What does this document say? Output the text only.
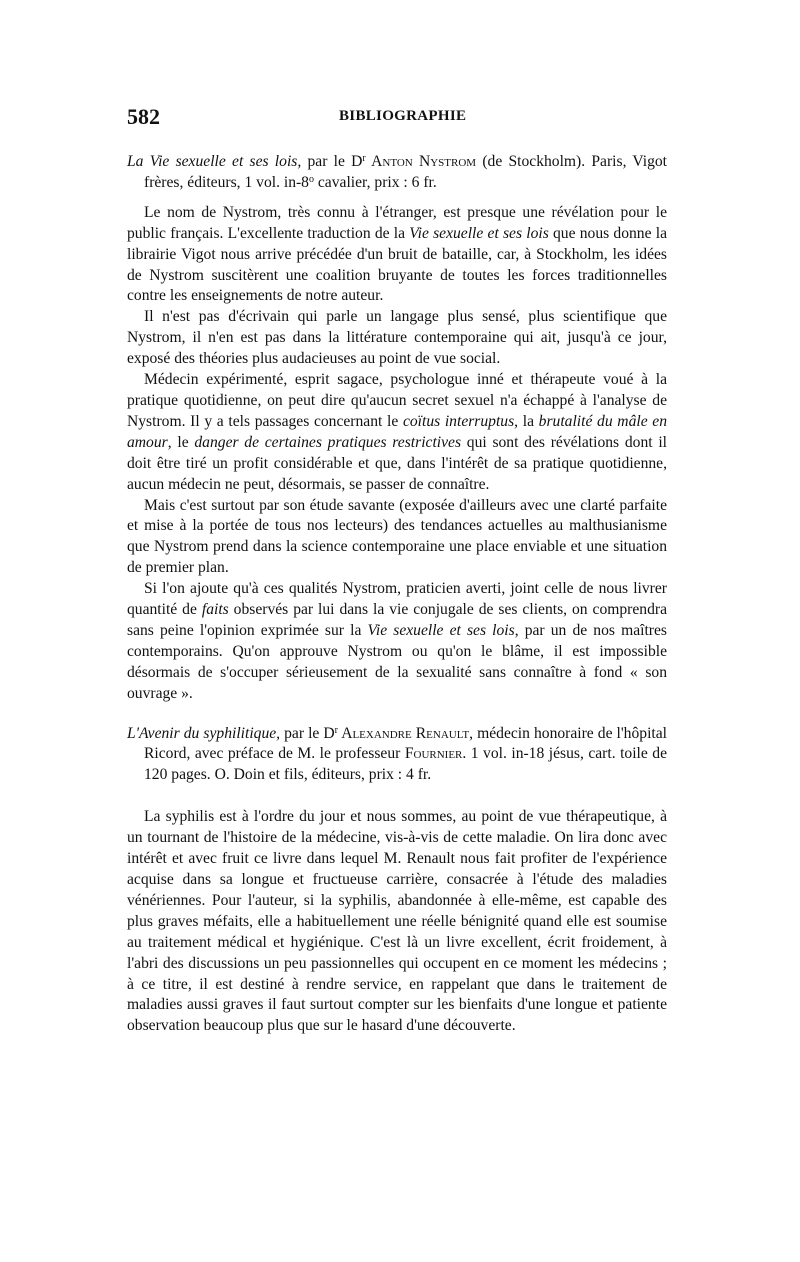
582	BIBLIOGRAPHIE

La Vie sexuelle et ses lois, par le $D^r$ Anton Nystrom (de Stockholm). Paris, Vigot frères, éditeurs, 1 vol. in-8$^o$ cavalier, prix : 6 fr.

Le nom de Nystrom, très connu à l'étranger, est presque une révélation pour le public français. L'excellente traduction de la Vie sexuelle et ses lois que nous donne la librairie Vigot nous arrive précédée d'un bruit de bataille, car, à Stockholm, les idées de Nystrom suscitèrent une coalition bruyante de toutes les forces traditionnelles contre les enseignements de notre auteur.

Il n'est pas d'écrivain qui parle un langage plus sensé, plus scientifique que Nystrom, il n'en est pas dans la littérature contemporaine qui ait, jusqu'à ce jour, exposé des théories plus audacieuses au point de vue social.

Médecin expérimenté, esprit sagace, psychologue inné et thérapeute voué à la pratique quotidienne, on peut dire qu'aucun secret sexuel n'a échappé à l'analyse de Nystrom. Il y a tels passages concernant le coïtus interruptus, la brutalité du mâle en amour, le danger de certaines pratiques restrictives qui sont des révélations dont il doit être tiré un profit considérable et que, dans l'intérêt de sa pratique quotidienne, aucun médecin ne peut, désormais, se passer de connaître.

Mais c'est surtout par son étude savante (exposée d'ailleurs avec une clarté parfaite et mise à la portée de tous nos lecteurs) des tendances actuelles au malthusianisme que Nystrom prend dans la science contemporaine une place enviable et une situation de premier plan.

Si l'on ajoute qu'à ces qualités Nystrom, praticien averti, joint celle de nous livrer quantité de faits observés par lui dans la vie conjugale de ses clients, on comprendra sans peine l'opinion exprimée sur la Vie sexuelle et ses lois, par un de nos maîtres contemporains. Qu'on approuve Nystrom ou qu'on le blâme, il est impossible désormais de s'occuper sérieusement de la sexualité sans connaître à fond « son ouvrage ».

L'Avenir du syphilitique, par le $D^r$ Alexandre Renault, médecin honoraire de l'hôpital Ricord, avec préface de M. le professeur Fournier. 1 vol. in-18 jésus, cart. toile de 120 pages. O. Doin et fils, éditeurs, prix : 4 fr.

La syphilis est à l'ordre du jour et nous sommes, au point de vue thérapeutique, à un tournant de l'histoire de la médecine, vis-à-vis de cette maladie. On lira donc avec intérêt et avec fruit ce livre dans lequel M. Renault nous fait profiter de l'expérience acquise dans sa longue et fructueuse carrière, consacrée à l'étude des maladies vénériennes. Pour l'auteur, si la syphilis, abandonnée à elle-même, est capable des plus graves méfaits, elle a habituellement une réelle bénignité quand elle est soumise au traitement médical et hygiénique. C'est là un livre excellent, écrit froidement, à l'abri des discussions un peu passionnelles qui occupent en ce moment les médecins ; à ce titre, il est destiné à rendre service, en rappelant que dans le traitement de maladies aussi graves il faut surtout compter sur les bienfaits d'une longue et patiente observation beaucoup plus que sur le hasard d'une découverte.
